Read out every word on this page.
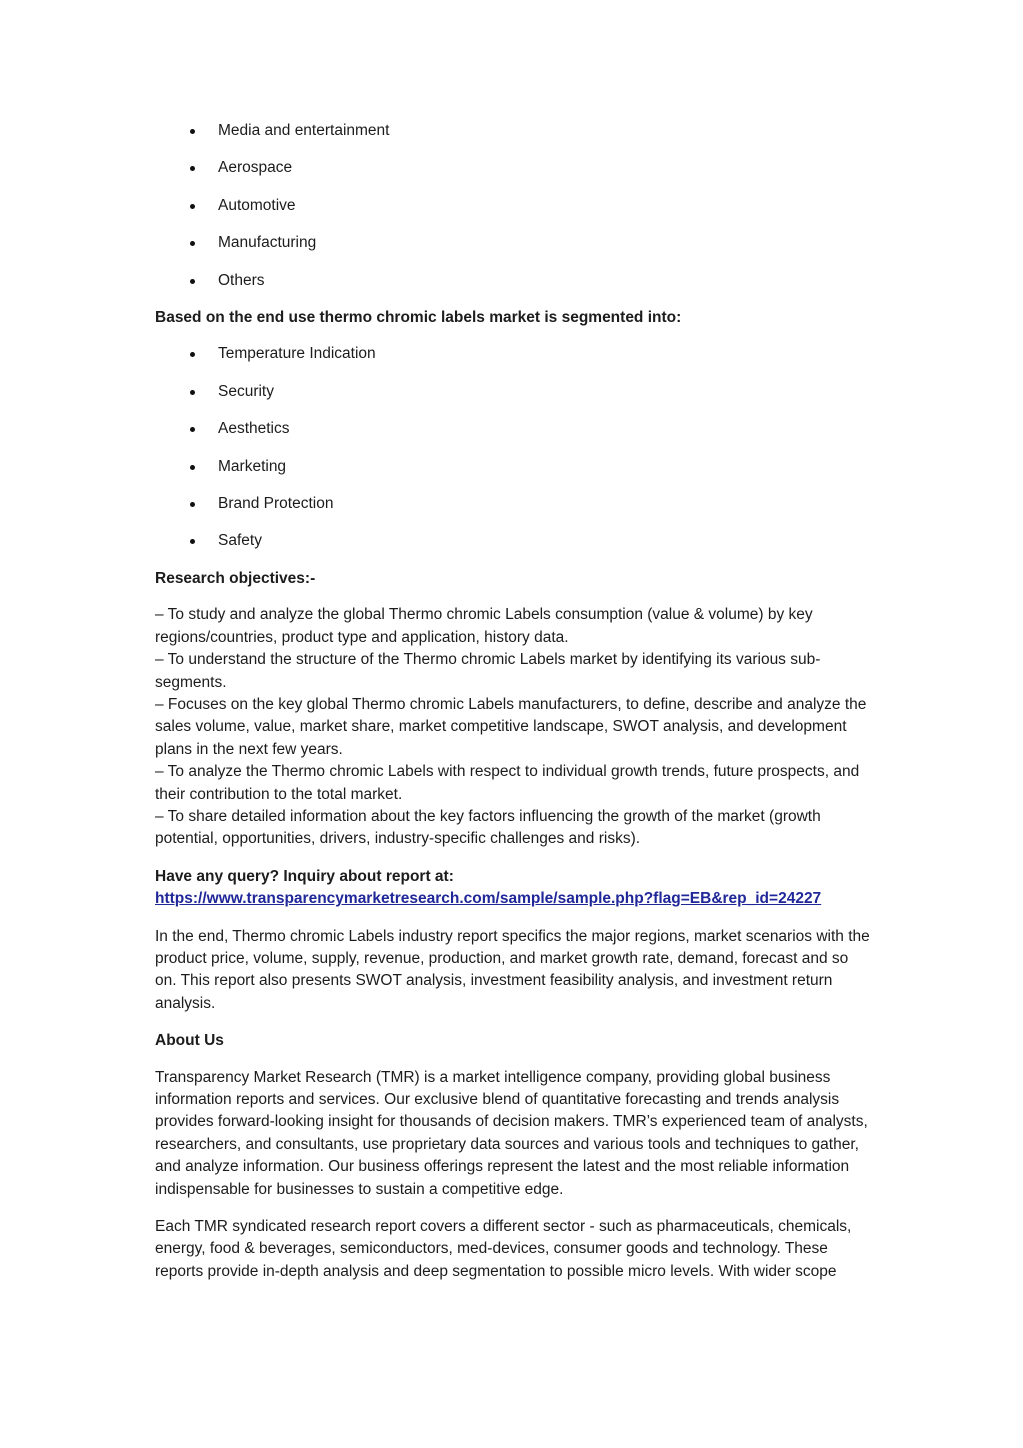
Media and entertainment
Aerospace
Automotive
Manufacturing
Others
Based on the end use thermo chromic labels market is segmented into:
Temperature Indication
Security
Aesthetics
Marketing
Brand Protection
Safety
Research objectives:-
– To study and analyze the global Thermo chromic Labels consumption (value & volume) by key regions/countries, product type and application, history data.
– To understand the structure of the Thermo chromic Labels market by identifying its various sub-segments.
– Focuses on the key global Thermo chromic Labels manufacturers, to define, describe and analyze the sales volume, value, market share, market competitive landscape, SWOT analysis, and development plans in the next few years.
– To analyze the Thermo chromic Labels with respect to individual growth trends, future prospects, and their contribution to the total market.
– To share detailed information about the key factors influencing the growth of the market (growth potential, opportunities, drivers, industry-specific challenges and risks).
Have any query? Inquiry about report at:
https://www.transparencymarketresearch.com/sample/sample.php?flag=EB&rep_id=24227

In the end, Thermo chromic Labels industry report specifics the major regions, market scenarios with the product price, volume, supply, revenue, production, and market growth rate, demand, forecast and so on. This report also presents SWOT analysis, investment feasibility analysis, and investment return analysis.

About Us

Transparency Market Research (TMR) is a market intelligence company, providing global business information reports and services. Our exclusive blend of quantitative forecasting and trends analysis provides forward-looking insight for thousands of decision makers. TMR’s experienced team of analysts, researchers, and consultants, use proprietary data sources and various tools and techniques to gather, and analyze information. Our business offerings represent the latest and the most reliable information indispensable for businesses to sustain a competitive edge.

Each TMR syndicated research report covers a different sector - such as pharmaceuticals, chemicals, energy, food & beverages, semiconductors, med-devices, consumer goods and technology. These reports provide in-depth analysis and deep segmentation to possible micro levels. With wider scope
